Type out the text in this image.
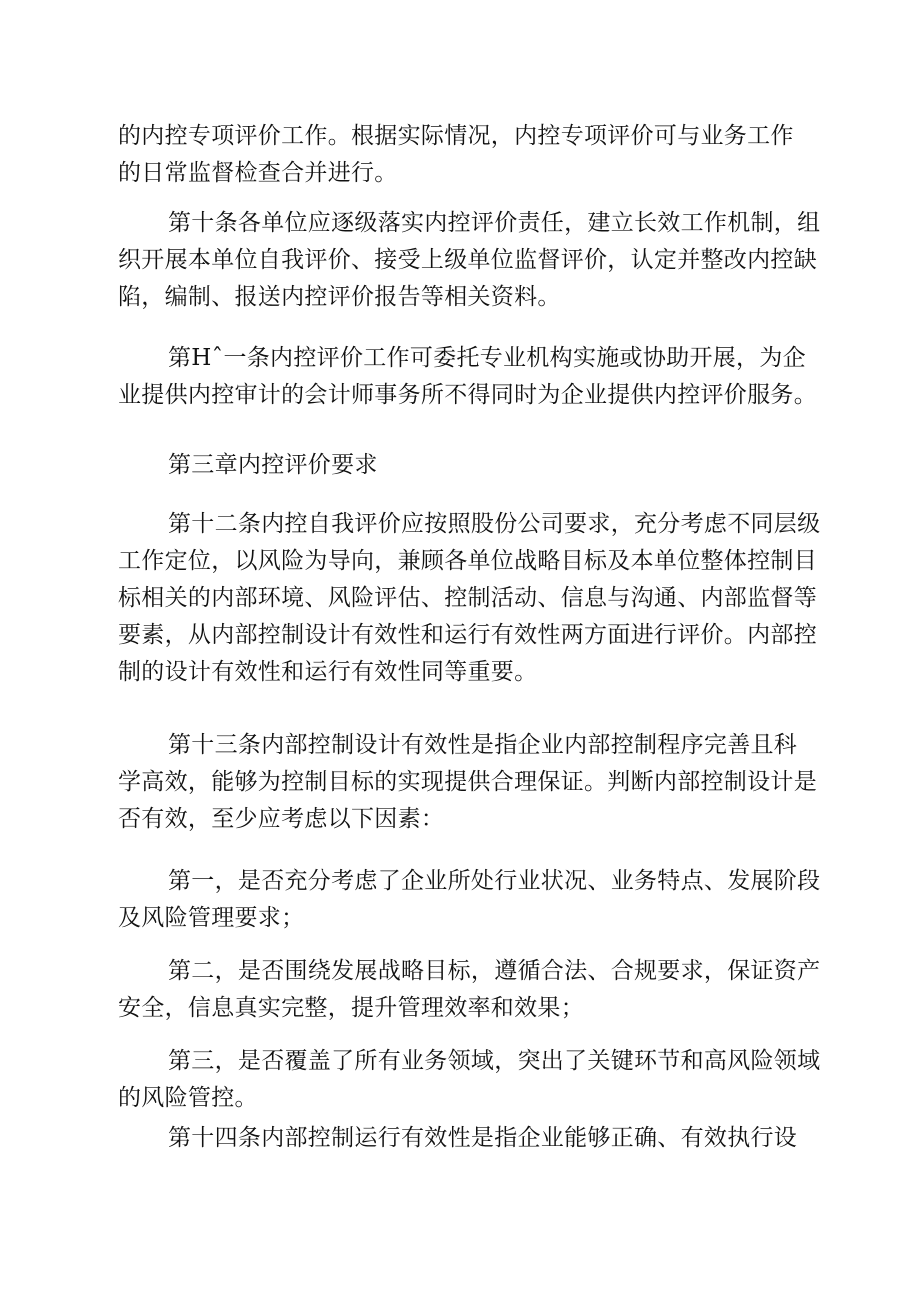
的内控专项评价工作。根据实际情况，内控专项评价可与业务工作
的日常监督检查合并进行。

第十条各单位应逐级落实内控评价责任，建立长效工作机制，组
织开展本单位自我评价、接受上级单位监督评价，认定并整改内控缺
陷，编制、报送内控评价报告等相关资料。

第Hˆ一条内控评价工作可委托专业机构实施或协助开展，为企
业提供内控审计的会计师事务所不得同时为企业提供内控评价服务。

第三章内控评价要求

第十二条内控自我评价应按照股份公司要求，充分考虑不同层级
工作定位，以风险为导向，兼顾各单位战略目标及本单位整体控制目
标相关的内部环境、风险评估、控制活动、信息与沟通、内部监督等
要素，从内部控制设计有效性和运行有效性两方面进行评价。内部控
制的设计有效性和运行有效性同等重要。

第十三条内部控制设计有效性是指企业内部控制程序完善且科
学高效，能够为控制目标的实现提供合理保证。判断内部控制设计是
否有效，至少应考虑以下因素：

第一，是否充分考虑了企业所处行业状况、业务特点、发展阶段
及风险管理要求；

第二，是否围绕发展战略目标，遵循合法、合规要求，保证资产
安全，信息真实完整，提升管理效率和效果；

第三，是否覆盖了所有业务领域，突出了关键环节和高风险领域
的风险管控。

第十四条内部控制运行有效性是指企业能够正确、有效执行设
